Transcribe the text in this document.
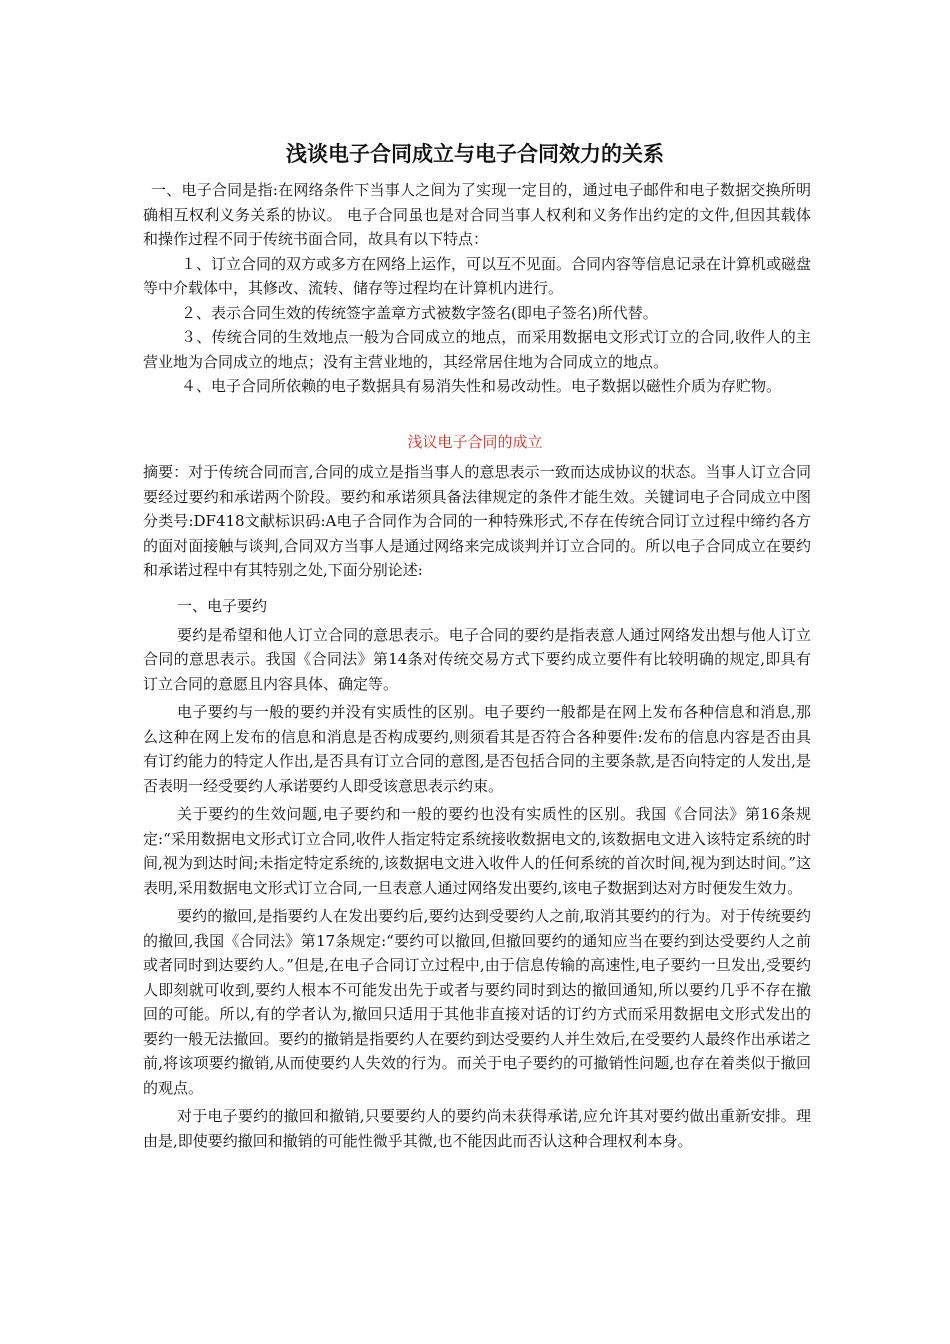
浅谈电子合同成立与电子合同效力的关系

一、电子合同是指:在网络条件下当事人之间为了实现一定目的，通过电子邮件和电子数据交换所明确相互权利义务关系的协议。 电子合同虽也是对合同当事人权利和义务作出约定的文件,但因其载体和操作过程不同于传统书面合同，故具有以下特点：

１、订立合同的双方或多方在网络上运作，可以互不见面。合同内容等信息记录在计算机或磁盘等中介载体中，其修改、流转、储存等过程均在计算机内进行。

２、表示合同生效的传统签字盖章方式被数字签名(即电子签名)所代替。

３、传统合同的生效地点一般为合同成立的地点，而采用数据电文形式订立的合同,收件人的主营业地为合同成立的地点；没有主营业地的，其经常居住地为合同成立的地点。

４、电子合同所依赖的电子数据具有易消失性和易改动性。电子数据以磁性介质为存贮物。

浅议电子合同的成立

摘要：对于传统合同而言,合同的成立是指当事人的意思表示一致而达成协议的状态。当事人订立合同要经过要约和承诺两个阶段。要约和承诺须具备法律规定的条件才能生效。关键词电子合同成立中图分类号:DF418文献标识码:A电子合同作为合同的一种特殊形式,不存在传统合同订立过程中缔约各方的面对面接触与谈判,合同双方当事人是通过网络来完成谈判并订立合同的。所以电子合同成立在要约和承诺过程中有其特别之处,下面分别论述:

一、电子要约

要约是希望和他人订立合同的意思表示。电子合同的要约是指表意人通过网络发出想与他人订立合同的意思表示。我国《合同法》第14条对传统交易方式下要约成立要件有比较明确的规定,即具有订立合同的意愿且内容具体、确定等。

电子要约与一般的要约并没有实质性的区别。电子要约一般都是在网上发布各种信息和消息,那么这种在网上发布的信息和消息是否构成要约,则须看其是否符合各种要件:发布的信息内容是否由具有订约能力的特定人作出,是否具有订立合同的意图,是否包括合同的主要条款,是否向特定的人发出,是否表明一经受要约人承诺要约人即受该意思表示约束。

关于要约的生效问题,电子要约和一般的要约也没有实质性的区别。我国《合同法》第16条规定:“采用数据电文形式订立合同,收件人指定特定系统接收数据电文的,该数据电文进入该特定系统的时间,视为到达时间;未指定特定系统的,该数据电文进入收件人的任何系统的首次时间,视为到达时间。”这表明,采用数据电文形式订立合同,一旦表意人通过网络发出要约,该电子数据到达对方时便发生效力。

要约的撤回,是指要约人在发出要约后,要约达到受要约人之前,取消其要约的行为。对于传统要约的撤回,我国《合同法》第17条规定:“要约可以撤回,但撤回要约的通知应当在要约到达受要约人之前或者同时到达要约人。”但是,在电子合同订立过程中,由于信息传输的高速性,电子要约一旦发出,受要约人即刻就可收到,要约人根本不可能发出先于或者与要约同时到达的撤回通知,所以要约几乎不存在撤回的可能。所以,有的学者认为,撤回只适用于其他非直接对话的订约方式而采用数据电文形式发出的要约一般无法撤回。要约的撤销是指要约人在要约到达受要约人并生效后,在受要约人最终作出承诺之前,将该项要约撤销,从而使要约人失效的行为。而关于电子要约的可撤销性问题,也存在着类似于撤回的观点。

对于电子要约的撤回和撤销,只要要约人的要约尚未获得承诺,应允许其对要约做出重新安排。理由是,即使要约撤回和撤销的可能性微乎其微,也不能因此而否认这种合理权利本身。
